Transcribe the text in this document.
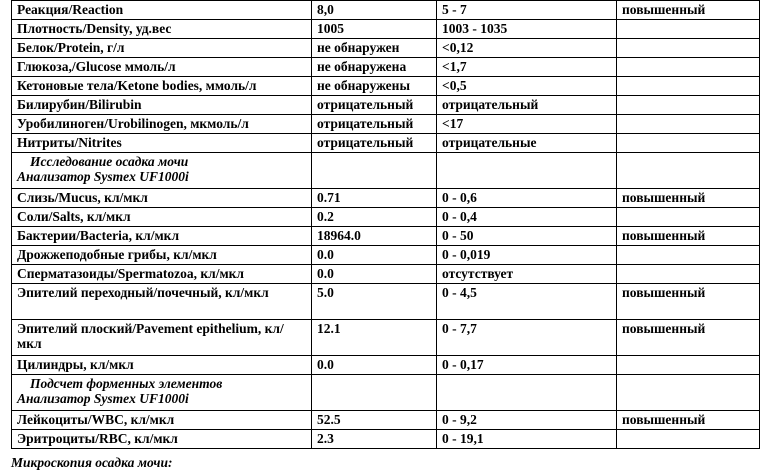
Реакция/Reaction	8,0	5 - 7	повышенный
Плотность/Density, уд.вес	1005	1003 - 1035	
Белок/Protein, г/л	не обнаружен	<0,12	
Глюкоза,/Glucose ммоль/л	не обнаружена	<1,7	
Кетоновые тела/Ketone bodies, ммоль/л	не обнаружены	<0,5	
Билирубин/Bilirubin	отрицательный	отрицательный	
Уробилиноген/Urobilinogen, мкмоль/л	отрицательный	<17	
Нитриты/Nitrites	отрицательный	отрицательные	
Исследование осадка мочи

Анализатор Sysmex UF1000i			

Слизь/Mucus, кл/мкл	0.71	0 - 0,6	повышенный
Соли/Salts, кл/мкл	0.2	0 - 0,4	
Бактерии/Bacteria, кл/мкл	18964.0	0 - 50	повышенный
Дрожжеподобные грибы, кл/мкл	0.0	0 - 0,019	
Сперматазоиды/Spermatozoa, кл/мкл	0.0	отсутствует	
Эпителий переходный/почечный, кл/мкл	5.0	0 - 4,5	повышенный
Эпителий плоский/Pavement epithelium, кл/мкл	12.1	0 - 7,7	повышенный
Цилиндры, кл/мкл	0.0	0 - 0,17	
Подсчет форменных элементов

Анализатор Sysmex UF1000i			

Лейкоциты/WBC, кл/мкл	52.5	0 - 9,2	повышенный
Эритроциты/RBC, кл/мкл	2.3	0 - 19,1	
Микроскопия осадка мочи:
